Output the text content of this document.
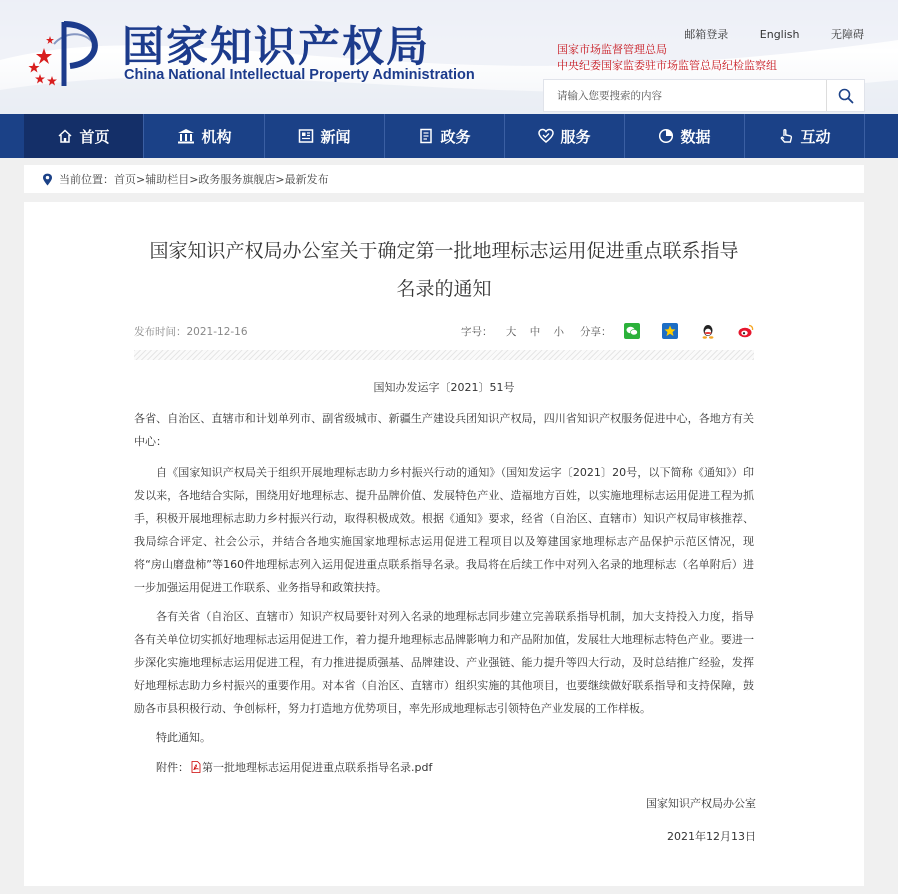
国家知识产权局
China National Intellectual Property Administration
邮箱登录	English	无障碍
国家市场监督管理总局
中央纪委国家监委驻市场监管总局纪检监察组
请输入您要搜索的内容
首页	机构	新闻	政务	服务	数据	互动
当前位置：首页>辅助栏目>政务服务旗舰店>最新发布
国家知识产权局办公室关于确定第一批地理标志运用促进重点联系指导
名录的通知
发布时间：2021-12-16	字号： 大 中 小 分享：
国知办发运字〔2021〕51号
各省、自治区、直辖市和计划单列市、副省级城市、新疆生产建设兵团知识产权局，四川省知识产权服务促进中心，各地方有关中心：
自《国家知识产权局关于组织开展地理标志助力乡村振兴行动的通知》（国知发运字〔2021〕20号，以下简称《通知》）印发以来，各地结合实际，围绕用好地理标志、提升品牌价值、发展特色产业、造福地方百姓，以实施地理标志运用促进工程为抓手，积极开展地理标志助力乡村振兴行动，取得积极成效。根据《通知》要求，经省（自治区、直辖市）知识产权局审核推荐、我局综合评定、社会公示，并结合各地实施国家地理标志运用促进工程项目以及筹建国家地理标志产品保护示范区情况，现将“房山磨盘柿”等160件地理标志列入运用促进重点联系指导名录。我局将在后续工作中对列入名录的地理标志（名单附后）进一步加强运用促进工作联系、业务指导和政策扶持。
各有关省（自治区、直辖市）知识产权局要针对列入名录的地理标志同步建立完善联系指导机制，加大支持投入力度，指导各有关单位切实抓好地理标志运用促进工作，着力提升地理标志品牌影响力和产品附加值，发展壮大地理标志特色产业。要进一步深化实施地理标志运用促进工程，有力推进提质强基、品牌建设、产业强链、能力提升等四大行动，及时总结推广经验，发挥好地理标志助力乡村振兴的重要作用。对本省（自治区、直辖市）组织实施的其他项目，也要继续做好联系指导和支持保障，鼓励各市县积极行动、争创标杆，努力打造地方优势项目，率先形成地理标志引领特色产业发展的工作样板。
特此通知。
附件： 第一批地理标志运用促进重点联系指导名录.pdf
国家知识产权局办公室
2021年12月13日
